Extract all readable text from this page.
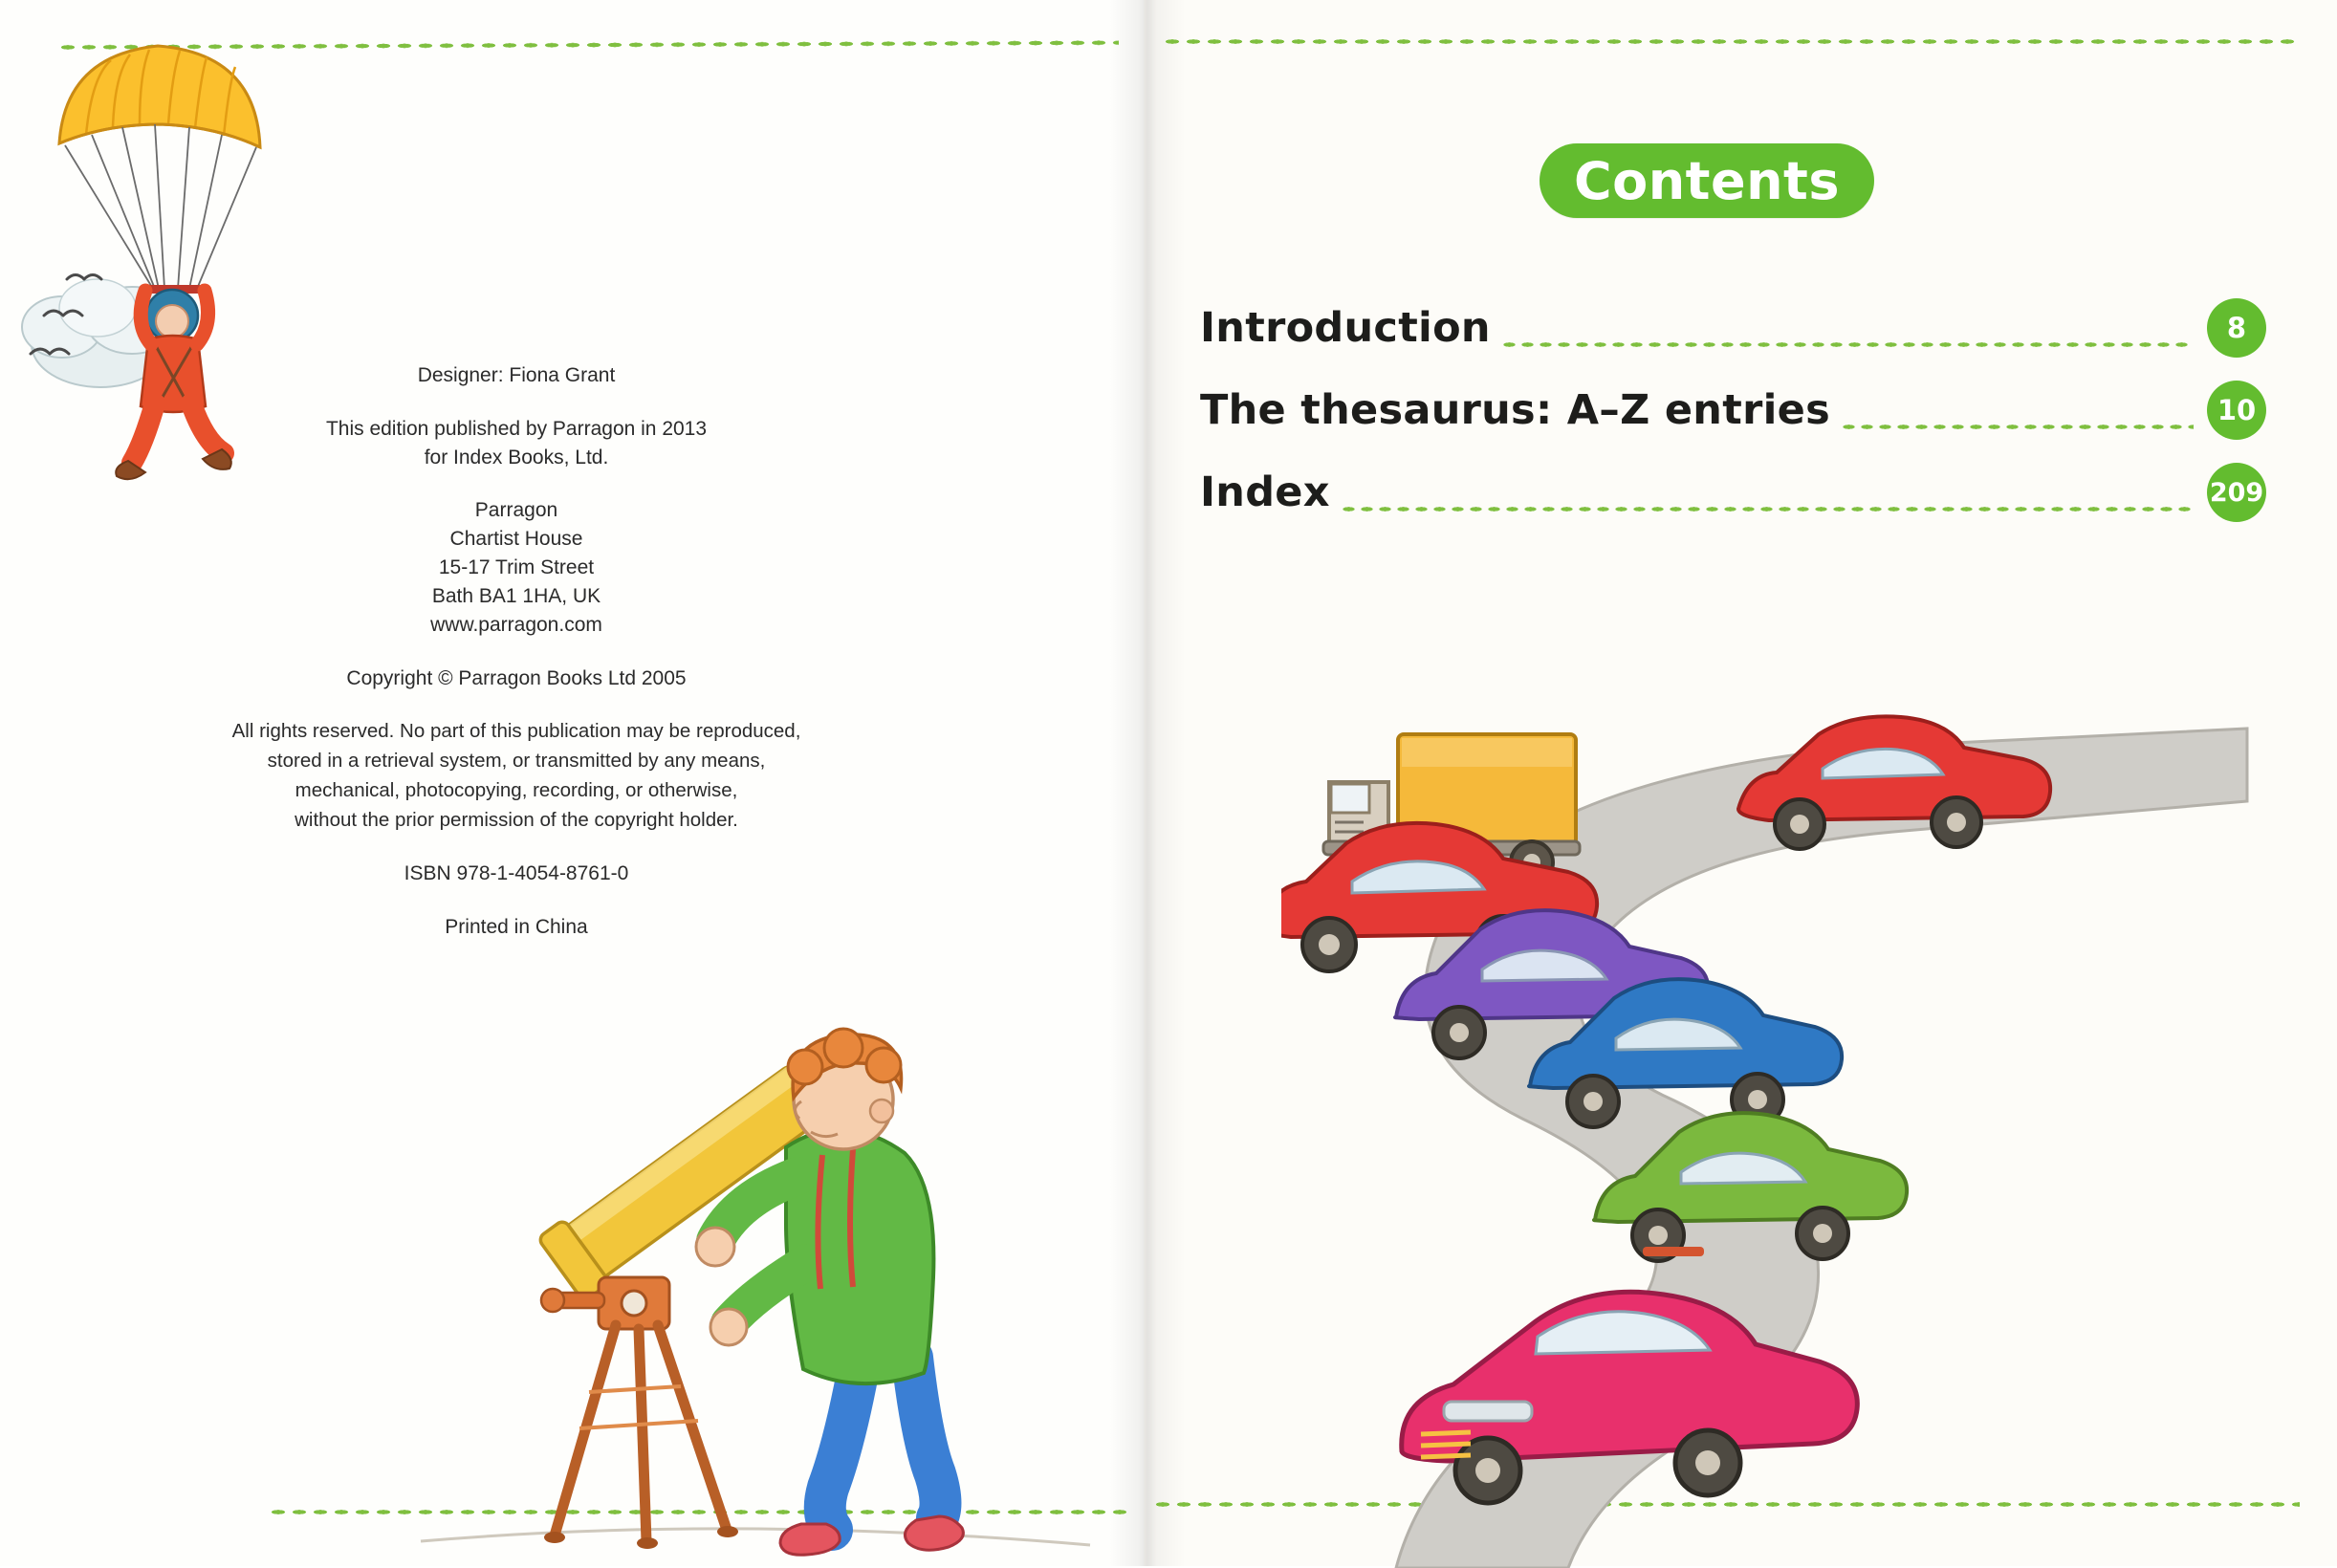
Designer: Fiona Grant
This edition published by Parragon in 2013
for Index Books, Ltd.
Parragon
Chartist House
15-17 Trim Street
Bath BA1 1HA, UK
www.parragon.com
Copyright © Parragon Books Ltd 2005
All rights reserved. No part of this publication may be reproduced,
stored in a retrieval system, or transmitted by any means,
mechanical, photocopying, recording, or otherwise,
without the prior permission of the copyright holder.
ISBN 978-1-4054-8761-0
Printed in China
Contents
Introduction	8
The thesaurus: A–Z entries	10
Index	209
